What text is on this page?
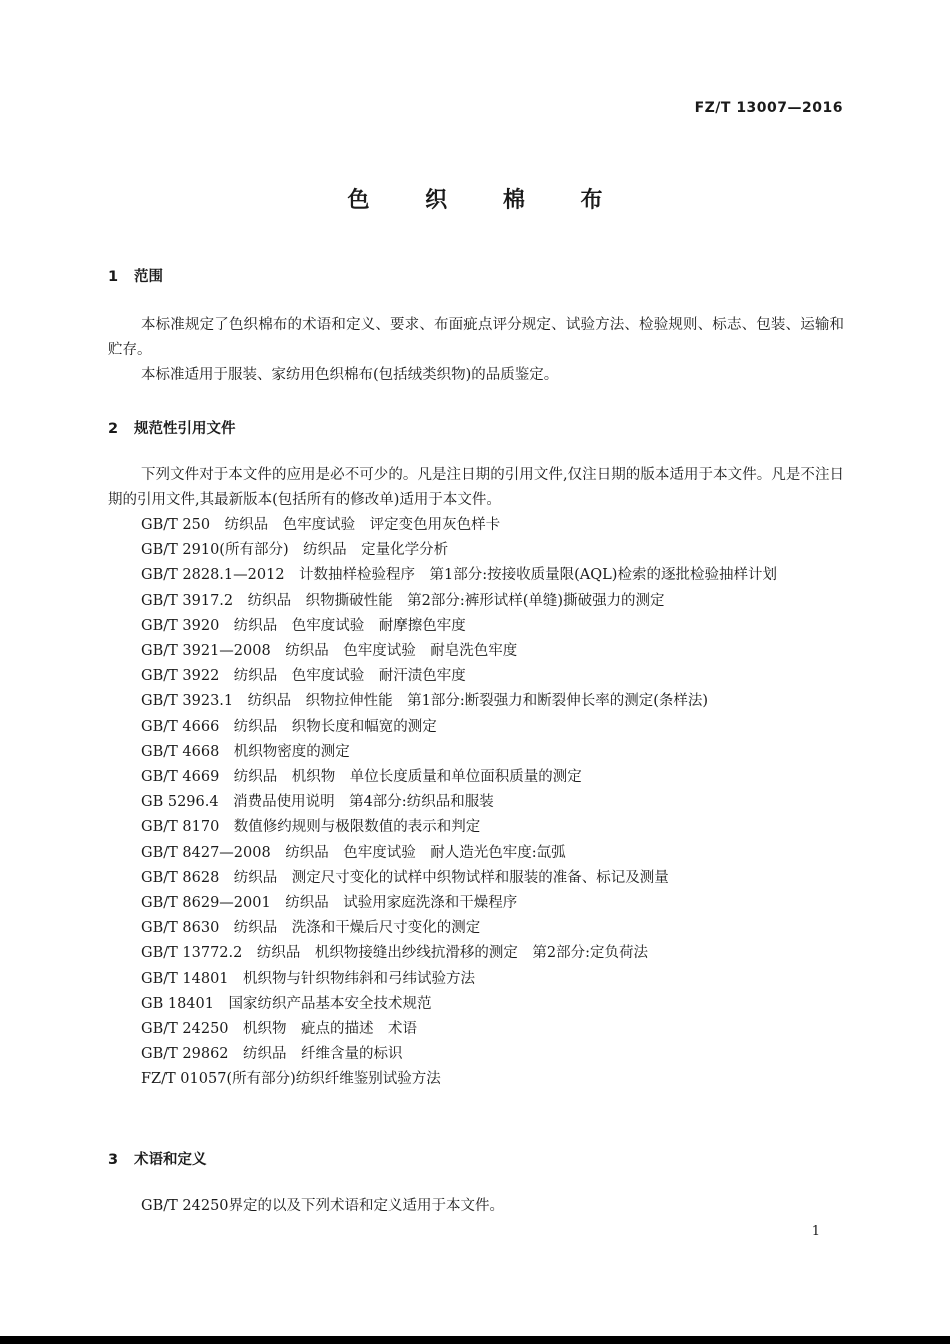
FZ/T 13007—2016
色 织 棉 布
1 范围
本标准规定了色织棉布的术语和定义、要求、布面疵点评分规定、试验方法、检验规则、标志、包装、运输和贮存。
本标准适用于服装、家纺用色织棉布(包括绒类织物)的品质鉴定。
2 规范性引用文件
下列文件对于本文件的应用是必不可少的。凡是注日期的引用文件,仅注日期的版本适用于本文件。凡是不注日期的引用文件,其最新版本(包括所有的修改单)适用于本文件。
GB/T 250　纺织品　色牢度试验　评定变色用灰色样卡
GB/T 2910(所有部分)　纺织品　定量化学分析
GB/T 2828.1—2012　计数抽样检验程序　第1部分:按接收质量限(AQL)检索的逐批检验抽样计划
GB/T 3917.2　纺织品　织物撕破性能　第2部分:裤形试样(单缝)撕破强力的测定
GB/T 3920　纺织品　色牢度试验　耐摩擦色牢度
GB/T 3921—2008　纺织品　色牢度试验　耐皂洗色牢度
GB/T 3922　纺织品　色牢度试验　耐汗渍色牢度
GB/T 3923.1　纺织品　织物拉伸性能　第1部分:断裂强力和断裂伸长率的测定(条样法)
GB/T 4666　纺织品　织物长度和幅宽的测定
GB/T 4668　机织物密度的测定
GB/T 4669　纺织品　机织物　单位长度质量和单位面积质量的测定
GB 5296.4　消费品使用说明　第4部分:纺织品和服装
GB/T 8170　数值修约规则与极限数值的表示和判定
GB/T 8427—2008　纺织品　色牢度试验　耐人造光色牢度:氙弧
GB/T 8628　纺织品　测定尺寸变化的试样中织物试样和服装的准备、标记及测量
GB/T 8629—2001　纺织品　试验用家庭洗涤和干燥程序
GB/T 8630　纺织品　洗涤和干燥后尺寸变化的测定
GB/T 13772.2　纺织品　机织物接缝出纱线抗滑移的测定　第2部分:定负荷法
GB/T 14801　机织物与针织物纬斜和弓纬试验方法
GB 18401　国家纺织产品基本安全技术规范
GB/T 24250　机织物　疵点的描述　术语
GB/T 29862　纺织品　纤维含量的标识
FZ/T 01057(所有部分)纺织纤维鉴别试验方法
3 术语和定义
GB/T 24250界定的以及下列术语和定义适用于本文件。
1
